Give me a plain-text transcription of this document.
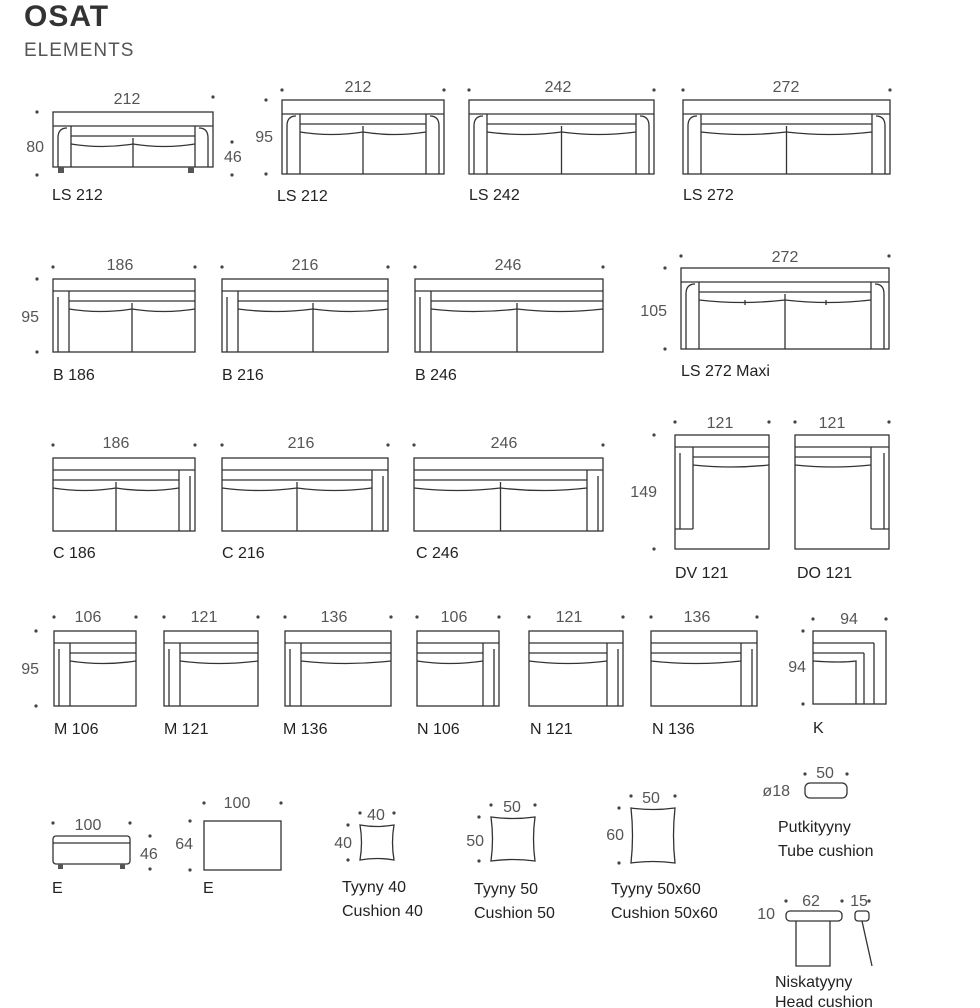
OSAT
ELEMENTS
212
80
46
LS 212
212
95
LS 212
242
LS 242
272
LS 272
186
95
B 186
216
B 216
246
B 246
272
105
LS 272 Maxi
186
C 186
216
C 216
246
C 246
121
149
DV 121
121
DO 121
106
M 106
95
121
M 121
136
M 136
106
N 106
121
N 121
136
N 136
94
94
K
100
46
E
100
64
E
40
40
Tyyny 40
Cushion 40
50
50
Tyyny 50
Cushion 50
50
60
Tyyny 50x60
Cushion 50x60
50
ø18
Putkityyny
Tube cushion
62 15
10
Niskatyyny
Head cushion
